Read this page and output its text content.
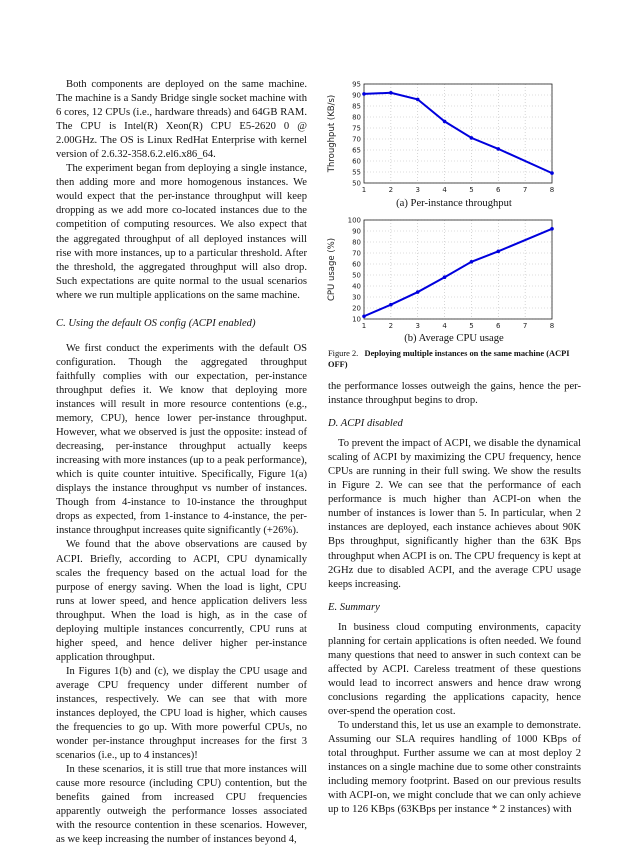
Both components are deployed on the same machine. The machine is a Sandy Bridge single socket machine with 6 cores, 12 CPUs (i.e., hardware threads) and 64GB RAM. The CPU is Intel(R) Xeon(R) CPU E5-2620 0 @ 2.00GHz. The OS is Linux RedHat Enterprise with kernel version of 2.6.32-358.6.2.el6.x86_64.

The experiment began from deploying a single instance, then adding more and more homogenous instances. We would expect that the per-instance throughput will keep dropping as we add more co-located instances due to the competition of computing resources. We also expect that the aggregated throughput of all deployed instances will rise with more instances, up to a particular threshold. After the threshold, the aggregated throughput will also drop. Such expectations are quite normal to the usual scenarios where we run multiple applications on the same machine.

C. Using the default OS config (ACPI enabled)

We first conduct the experiments with the default OS configuration. Though the aggregated throughput faithfully complies with our expectation, per-instance throughput defies it. We know that deploying more instances will result in more resource contentions (e.g., memory, CPU), hence lower per-instance throughput. However, what we observed is just the opposite: instead of decreasing, per-instance throughput actually keeps increasing with more instances (up to a peak performance), which is quite counter intuitive. Specifically, Figure 1(a) displays the instance throughput vs number of instances. Though from 4-instance to 10-instance the throughput drops as expected, from 1-instance to 4-instance, the per-instance throughput increases quite significantly (+26%).

We found that the above observations are caused by ACPI. Briefly, according to ACPI, CPU dynamically scales the frequency based on the actual load for the purpose of energy saving. When the load is light, CPU runs at lower speed, and hence application delivers less throughput. When the load is high, as in the case of deploying multiple instances concurrently, CPU runs at higher speed, and hence deliver higher per-instance application throughput.

In Figures 1(b) and (c), we display the CPU usage and average CPU frequency under different number of instances, respectively. We can see that with more instances deployed, the CPU load is higher, which causes the frequencies to go up. With more powerful CPUs, no wonder per-instance throughput increases for the first 3 scenarios (i.e., up to 4 instances)!

In these scenarios, it is still true that more instances will cause more resource (including CPU) contention, but the benefits gained from increased CPU frequencies apparently outweigh the performance losses associated with the resource contention in these scenarios. However, as we keep increasing the number of instances beyond 4,

1	2	3	4	5	6	7	8
50
55
60
65
70
75
80
85
90
95
Throughput (KB/s)
(a) Per-instance throughput
1	2	3	4	5	6	7	8
10
20
30
40
50
60
70
80
90
100
CPU usage (%)
(b) Average CPU usage
Figure 2. Deploying multiple instances on the same machine (ACPI OFF)

the performance losses outweigh the gains, hence the per-instance throughput begins to drop.

D. ACPI disabled

To prevent the impact of ACPI, we disable the dynamical scaling of ACPI by maximizing the CPU frequency, hence CPUs are running in their full swing. We show the results in Figure 2. We can see that the performance of each performance is much higher than ACPI-on when the number of instances is lower than 5. In particular, when 2 instances are deployed, each instance achieves about 90K Bps throughput, significantly higher than the 63K Bps throughput when ACPI is on. The CPU frequency is kept at 2GHz due to disabled ACPI, and the average CPU usage keeps increasing.

E. Summary

In business cloud computing environments, capacity planning for certain applications is often needed. We found many questions that need to answer in such context can be affected by ACPI. Careless treatment of these questions would lead to incorrect answers and hence draw wrong conclusions regarding the applications capacity, hence over-spend the operation cost.

To understand this, let us use an example to demonstrate. Assuming our SLA requires handling of 1000 KBps of total throughput. Further assume we can at most deploy 2 instances on a single machine due to some other constraints including memory footprint. Based on our previous results with ACPI-on, we might conclude that we can only achieve up to 126 KBps (63KBps per instance * 2 instances) with
